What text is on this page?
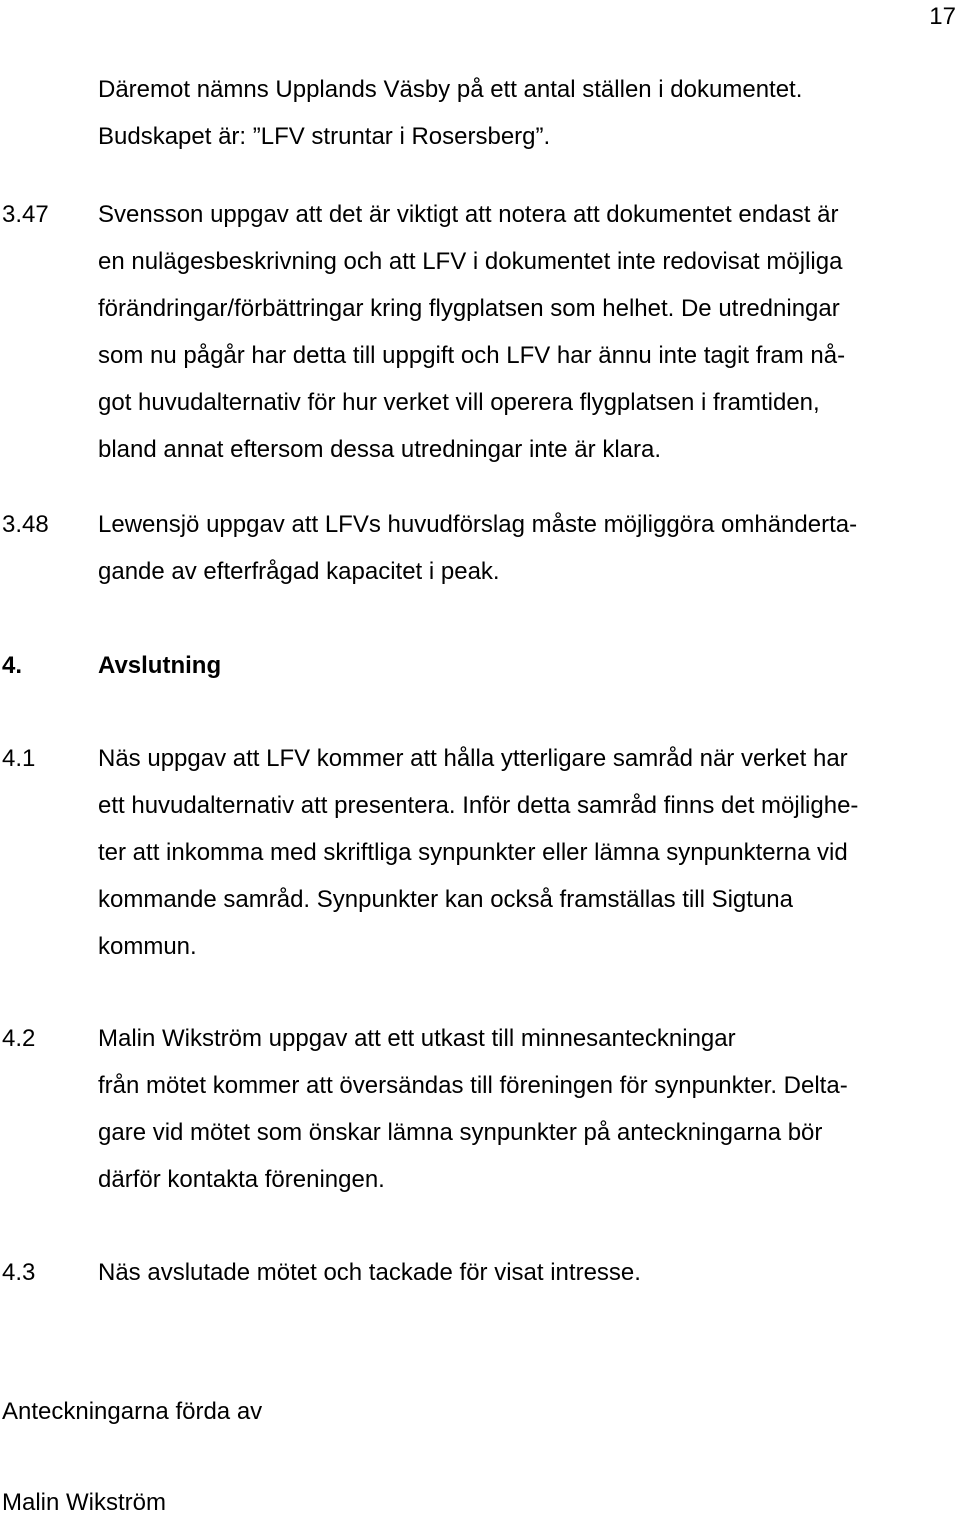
17
Däremot nämns Upplands Väsby på ett antal ställen i dokumentet.
Budskapet är: ”LFV struntar i Rosersberg”.
3.47 Svensson uppgav att det är viktigt att notera att dokumentet endast är
en nulägesbeskrivning och att LFV i dokumentet inte redovisat möjliga
förändringar/förbättringar kring flygplatsen som helhet. De utredningar
som nu pågår har detta till uppgift och LFV har ännu inte tagit fram nå-
got huvudalternativ för hur verket vill operera flygplatsen i framtiden,
bland annat eftersom dessa utredningar inte är klara.
3.48 Lewensjö uppgav att LFVs huvudförslag måste möjliggöra omhänderta-
gande av efterfrågad kapacitet i peak.
4.	Avslutning
4.1	Näs uppgav att LFV kommer att hålla ytterligare samråd när verket har
ett huvudalternativ att presentera. Inför detta samråd finns det möjlighe-
ter att inkomma med skriftliga synpunkter eller lämna synpunkterna vid
kommande samråd. Synpunkter kan också framställas till Sigtuna
kommun.
4.2	Malin Wikström uppgav att ett utkast till minnesanteckningar
från mötet kommer att översändas till föreningen för synpunkter. Delta-
gare vid mötet som önskar lämna synpunkter på anteckningarna bör
därför kontakta föreningen.
4.3	Näs avslutade mötet och tackade för visat intresse.
Anteckningarna förda av
Malin Wikström
